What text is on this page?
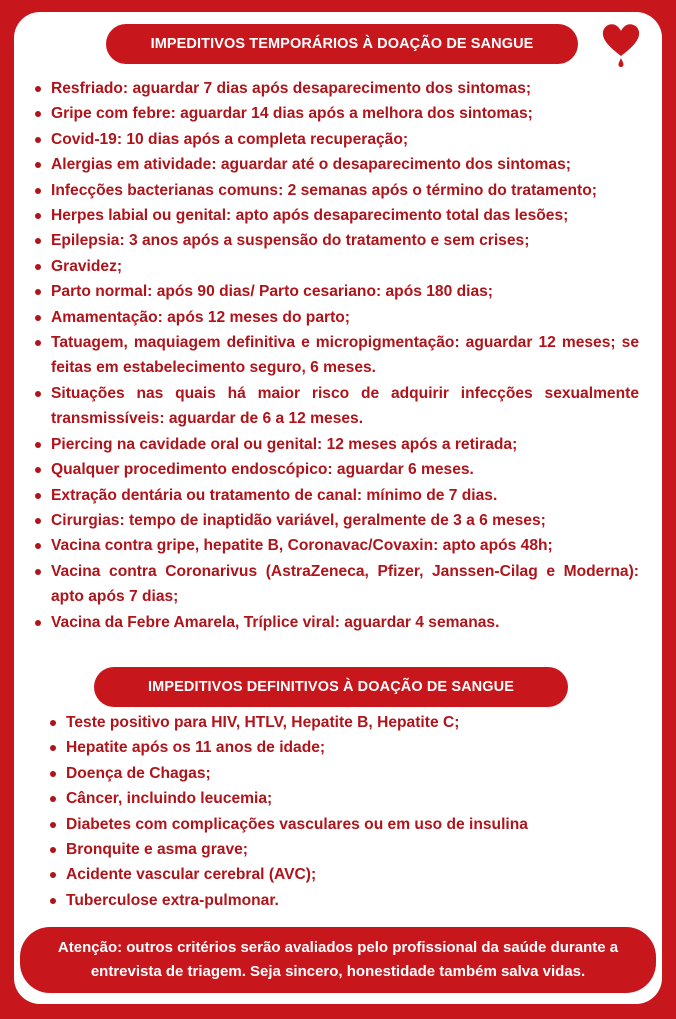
IMPEDITIVOS TEMPORÁRIOS À DOAÇÃO DE SANGUE
Resfriado: aguardar 7 dias após desaparecimento dos sintomas;
Gripe com febre: aguardar 14 dias após a melhora dos sintomas;
Covid-19: 10 dias após a completa recuperação;
Alergias em atividade: aguardar até o desaparecimento dos sintomas;
Infecções bacterianas comuns: 2 semanas após o término do tratamento;
Herpes labial ou genital: apto após desaparecimento total das lesões;
Epilepsia: 3 anos após a suspensão do tratamento e sem crises;
Gravidez;
Parto normal: após 90 dias/ Parto cesariano: após 180 dias;
Amamentação: após 12 meses do parto;
Tatuagem, maquiagem definitiva e micropigmentação: aguardar 12 meses; se feitas em estabelecimento seguro, 6 meses.
Situações nas quais há maior risco de adquirir infecções sexualmente transmissíveis: aguardar de 6 a 12 meses.
Piercing na cavidade oral ou genital: 12 meses após a retirada;
Qualquer procedimento endoscópico: aguardar 6 meses.
Extração dentária ou tratamento de canal: mínimo de 7 dias.
Cirurgias: tempo de inaptidão variável, geralmente de 3 a 6 meses;
Vacina contra gripe, hepatite B, Coronavac/Covaxin: apto após 48h;
Vacina contra Coronarivus (AstraZeneca, Pfizer, Janssen-Cilag e Moderna): apto após 7 dias;
Vacina da Febre Amarela, Tríplice viral: aguardar 4 semanas.
IMPEDITIVOS DEFINITIVOS À DOAÇÃO DE SANGUE
Teste positivo para HIV, HTLV, Hepatite B, Hepatite C;
Hepatite após os 11 anos de idade;
Doença de Chagas;
Câncer, incluindo leucemia;
Diabetes com complicações vasculares ou em uso de insulina
Bronquite e asma grave;
Acidente vascular cerebral (AVC);
Tuberculose extra-pulmonar.
Atenção: outros critérios serão avaliados pelo profissional da saúde durante a entrevista de triagem. Seja sincero, honestidade também salva vidas.
